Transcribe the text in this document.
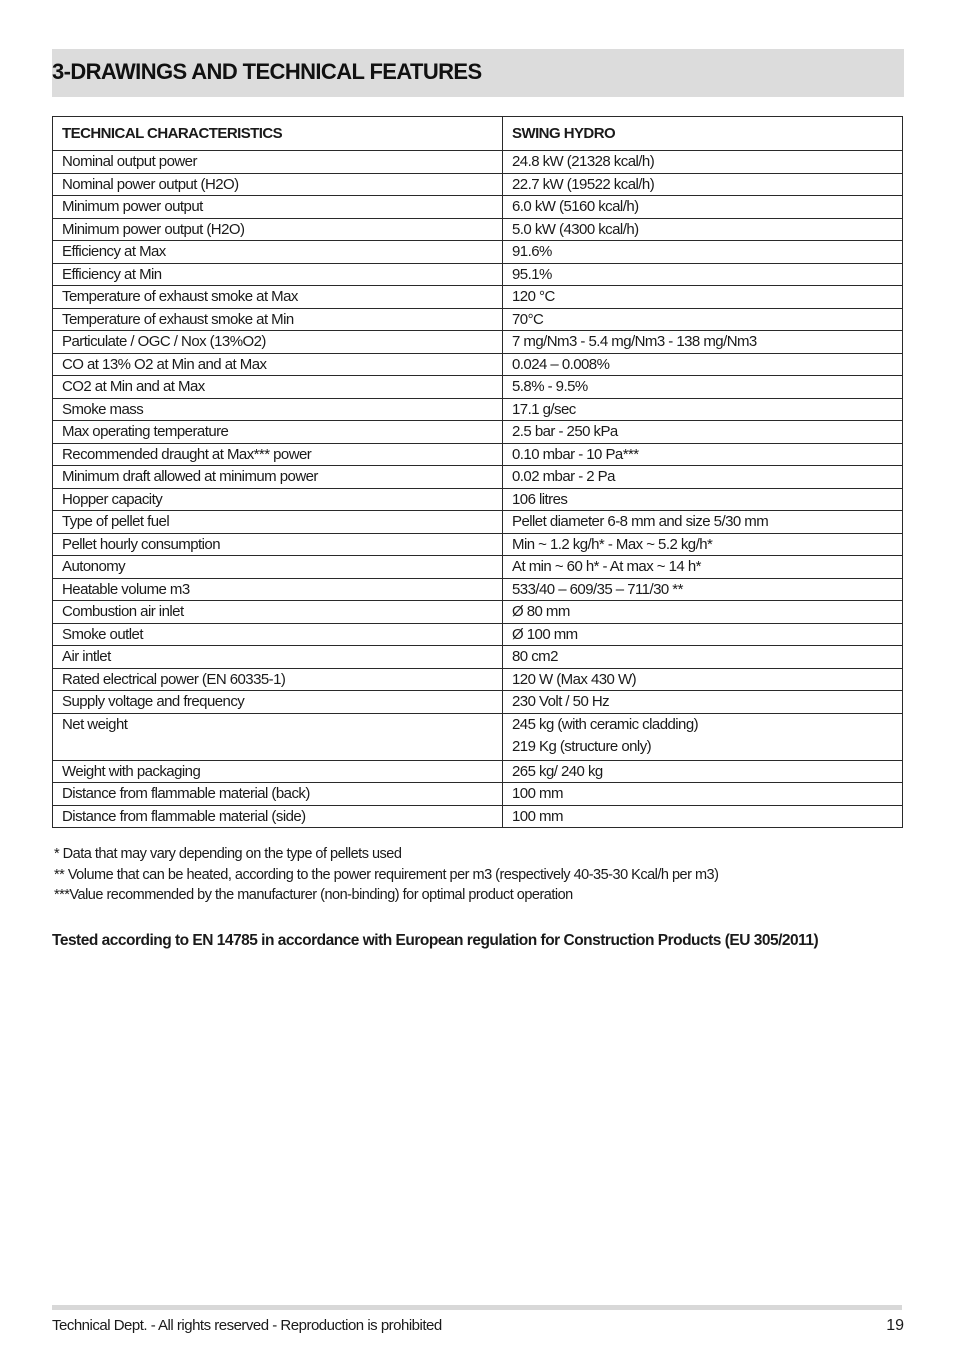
3-DRAWINGS AND TECHNICAL FEATURES
TECHNICAL CHARACTERISTICS	SWING HYDRO
Nominal output power	24.8 kW (21328 kcal/h)
Nominal power output (H2O)	22.7 kW (19522 kcal/h)
Minimum power output	6.0 kW (5160 kcal/h)
Minimum power output (H2O)	5.0 kW (4300 kcal/h)
Efficiency at Max	91.6%
Efficiency at Min	95.1%
Temperature of exhaust smoke at Max	120 °C
Temperature of exhaust smoke at Min	70°C
Particulate / OGC / Nox (13%O2)	7 mg/Nm3 - 5.4 mg/Nm3 - 138 mg/Nm3
CO at 13% O2 at Min and at Max	0.024 – 0.008%
CO2 at Min and at Max	5.8% - 9.5%
Smoke mass	17.1 g/sec
Max operating temperature	2.5 bar - 250 kPa
Recommended draught at Max*** power	0.10 mbar - 10 Pa***
Minimum draft allowed at minimum power	0.02 mbar - 2 Pa
Hopper capacity	106 litres
Type of pellet fuel	Pellet diameter 6-8 mm and size 5/30 mm
Pellet hourly consumption	Min ~ 1.2 kg/h* - Max ~ 5.2 kg/h*
Autonomy	At min ~ 60 h* - At max ~ 14 h*
Heatable volume m3	533/40 – 609/35 – 711/30 **
Combustion air inlet	Ø 80 mm
Smoke outlet	Ø 100 mm
Air intlet	80 cm2
Rated electrical power (EN 60335-1)	120 W (Max 430 W)
Supply voltage and frequency	230 Volt / 50 Hz
Net weight	245 kg (with ceramic cladding)
219 Kg (structure only)

Weight with packaging	265 kg/ 240 kg
Distance from flammable material (back)	100 mm
Distance from flammable material (side)	100 mm
* Data that may vary depending on the type of pellets used
** Volume that can be heated, according to the power requirement per m3 (respectively 40-35-30 Kcal/h per m3)
***Value recommended by the manufacturer (non-binding) for optimal product operation
Tested according to EN 14785 in accordance with European regulation for Construction Products (EU 305/2011)
Technical Dept. - All rights reserved - Reproduction is prohibited	19
